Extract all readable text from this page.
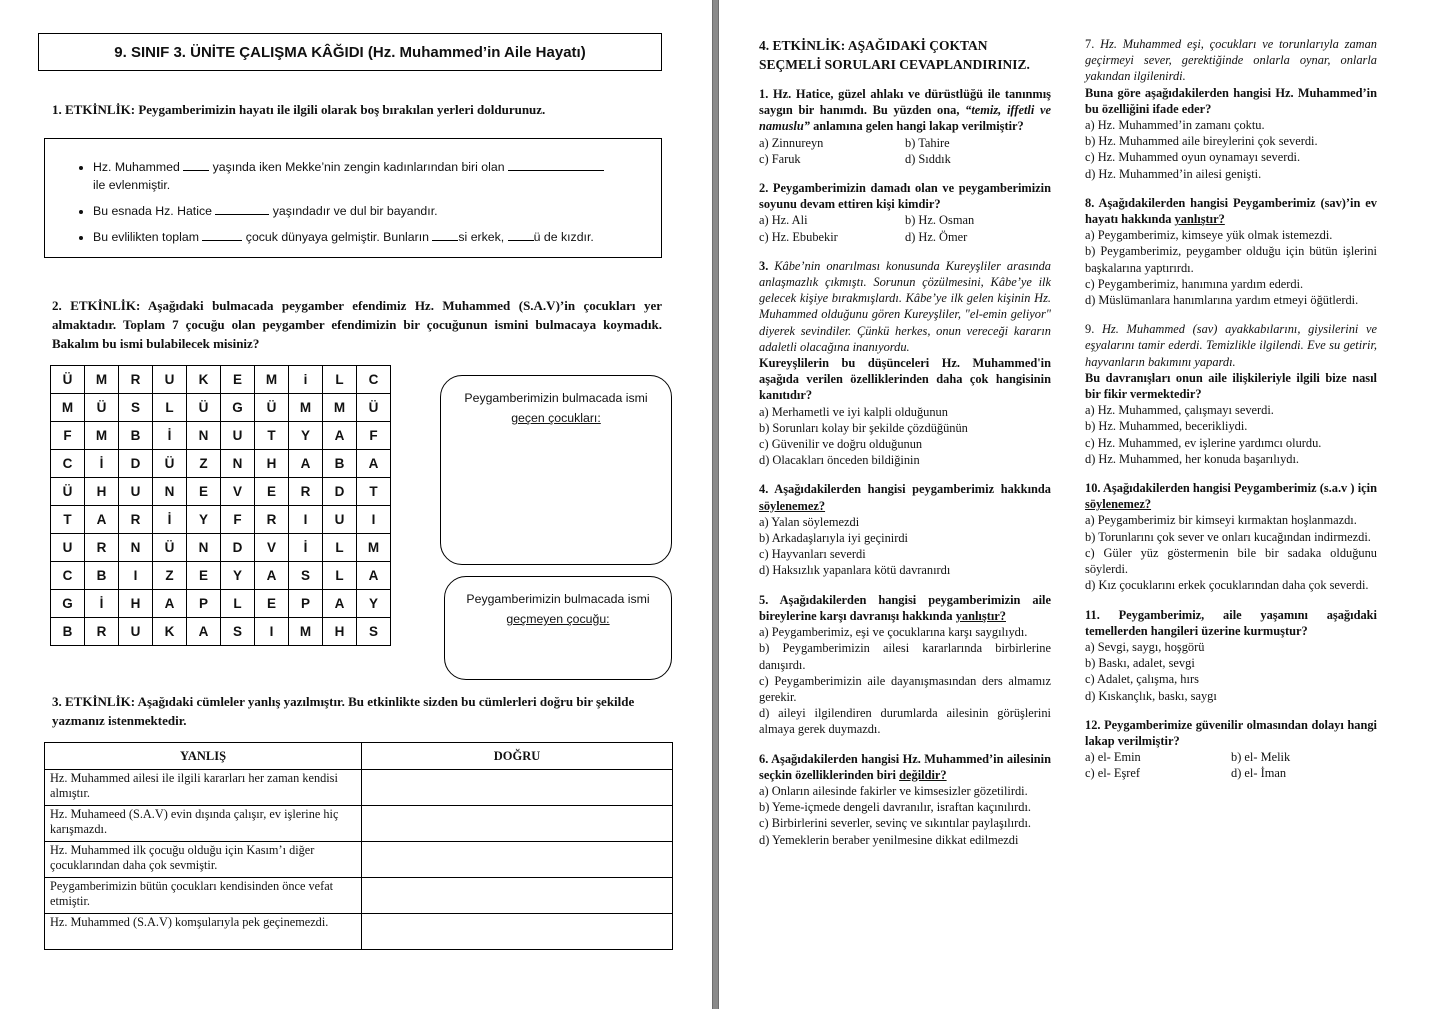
9. SINIF 3. ÜNİTE ÇALIŞMA KÂĞIDI (Hz. Muhammed’in Aile Hayatı)
1. ETKİNLİK: Peygamberimizin hayatı ile ilgili olarak boş bırakılan yerleri doldurunuz.
• Hz. Muhammed	yaşında iken Mekke’nin zengin kadınlarından biri olan
ile evlenmiştir.
• Bu esnada Hz. Hatice	yaşındadır ve dul bir bayandır.
• Bu evlilikten toplam	çocuk dünyaya gelmiştir. Bunların si erkek, ü de kızdır.
2. ETKİNLİK: Aşağıdaki bulmacada peygamber efendimiz Hz. Muhammed (S.A.V)’in çocukları yer almaktadır. Toplam 7 çocuğu olan peygamber efendimizin bir çocuğunun ismini bulmacaya koymadık. Bakalım bu ismi bulabilecek misiniz?
Ü	M	R	U	K	E	M	i	L	C
M	Ü	S	L	Ü	G	Ü	M	M	Ü
F	M	B	İ	N	U	T	Y	A	F
C	İ	D	Ü	Z	N	H	A	B	A
Ü	H	U	N	E	V	E	R	D	T
T	A	R	İ	Y	F	R	I	U	I
U	R	N	Ü	N	D	V	İ	L	M
C	B	I	Z	E	Y	A	S	L	A
G	İ	H	A	P	L	E	P	A	Y
B	R	U	K	A	S	I	M	H	S
Peygamberimizin bulmacada ismi
geçen çocukları:
Peygamberimizin bulmacada ismi
geçmeyen çocuğu:
3. ETKİNLİK: Aşağıdaki cümleler yanlış yazılmıştır. Bu etkinlikte sizden bu cümlerleri doğru bir şekilde yazmanız istenmektedir.
YANLIŞ	DOĞRU
Hz. Muhammed ailesi ile ilgili kararları her zaman kendisi almıştır.	
Hz. Muhameed (S.A.V) evin dışında çalışır, ev işlerine hiç karışmazdı.	
Hz. Muhammed ilk çocuğu olduğu için Kasım’ı diğer çocuklarından daha çok sevmiştir.	
Peygamberimizin bütün çocukları kendisinden önce vefat etmiştir.	
Hz. Muhammed (S.A.V) komşularıyla pek geçinemezdi.	
4. ETKİNLİK: AŞAĞIDAKİ ÇOKTAN SEÇMELİ SORULARI CEVAPLANDIRINIZ.
1. Hz. Hatice, güzel ahlakı ve dürüstlüğü ile tanınmış saygın bir hanımdı. Bu yüzden ona, “temiz, iffetli ve namuslu” anlamına gelen hangi lakap verilmiştir?
a) Zinnureyn	b) Tahire
c) Faruk	d) Sıddık
2. Peygamberimizin damadı olan ve peygamberimizin soyunu devam ettiren kişi kimdir?
a) Hz. Ali	b) Hz. Osman
c) Hz. Ebubekir	d) Hz. Ömer
3. Kâbe’nin onarılması konusunda Kureyşliler arasında anlaşmazlık çıkmıştı. Sorunun çözülmesini, Kâbe’ye ilk gelecek kişiye bırakmışlardı. Kâbe’ye ilk gelen kişinin Hz. Muhammed olduğunu gören Kureyşliler, "el-emin geliyor" diyerek sevindiler. Çünkü herkes, onun vereceği kararın adaletli olacağına inanıyordu.
Kureyşlilerin bu düşünceleri Hz. Muhammed'in aşağıda verilen özelliklerinden daha çok hangisinin kanıtıdır?
a) Merhametli ve iyi kalpli olduğunun
b) Sorunları kolay bir şekilde çözdüğünün
c) Güvenilir ve doğru olduğunun
d) Olacakları önceden bildiğinin
4. Aşağıdakilerden hangisi peygamberimiz hakkında söylenemez?
a) Yalan söylemezdi
b) Arkadaşlarıyla iyi geçinirdi
c) Hayvanları severdi
d) Haksızlık yapanlara kötü davranırdı
5. Aşağıdakilerden hangisi peygamberimizin aile bireylerine karşı davranışı hakkında yanlıştır?
a) Peygamberimiz, eşi ve çocuklarına karşı saygılıydı.
b) Peygamberimizin ailesi kararlarında birbirlerine danışırdı.
c) Peygamberimizin aile dayanışmasından ders almamız gerekir.
d) aileyi ilgilendiren durumlarda ailesinin görüşlerini almaya gerek duymazdı.
6. Aşağıdakilerden hangisi Hz. Muhammed’in ailesinin seçkin özelliklerinden biri değildir?
a) Onların ailesinde fakirler ve kimsesizler gözetilirdi.
b) Yeme-içmede dengeli davranılır, israftan kaçınılırdı.
c) Birbirlerini severler, sevinç ve sıkıntılar paylaşılırdı.
d) Yemeklerin beraber yenilmesine dikkat edilmezdi
7. Hz. Muhammed eşi, çocukları ve torunlarıyla zaman geçirmeyi sever, gerektiğinde onlarla oynar, onlarla yakından ilgilenirdi.
Buna göre aşağıdakilerden hangisi Hz. Muhammed’in bu özelliğini ifade eder?
a) Hz. Muhammed’in zamanı çoktu.
b) Hz. Muhammed aile bireylerini çok severdi.
c) Hz. Muhammed oyun oynamayı severdi.
d) Hz. Muhammed’in ailesi genişti.
8. Aşağıdakilerden hangisi Peygamberimiz (sav)’in ev hayatı hakkında yanlıştır?
a) Peygamberimiz, kimseye yük olmak istemezdi.
b) Peygamberimiz, peygamber olduğu için bütün işlerini başkalarına yaptırırdı.
c) Peygamberimiz, hanımına yardım ederdi.
d) Müslümanlara hanımlarına yardım etmeyi öğütlerdi.
9. Hz. Muhammed (sav) ayakkabılarını, giysilerini ve eşyalarını tamir ederdi. Temizlikle ilgilendi. Eve su getirir, hayvanların bakımını yapardı.
Bu davranışları onun aile ilişkileriyle ilgili bize nasıl bir fikir vermektedir?
a) Hz. Muhammed, çalışmayı severdi.
b) Hz. Muhammed, becerikliydi.
c) Hz. Muhammed, ev işlerine yardımcı olurdu.
d) Hz. Muhammed, her konuda başarılıydı.
10. Aşağıdakilerden hangisi Peygamberimiz (s.a.v ) için söylenemez?
a) Peygamberimiz bir kimseyi kırmaktan hoşlanmazdı.
b) Torunlarını çok sever ve onları kucağından indirmezdi.
c) Güler yüz göstermenin bile bir sadaka olduğunu söylerdi.
d) Kız çocuklarını erkek çocuklarından daha çok severdi.
11. Peygamberimiz, aile yaşamını aşağıdaki temellerden hangileri üzerine kurmuştur?
a) Sevgi, saygı, hoşgörü
b) Baskı, adalet, sevgi
c) Adalet, çalışma, hırs
d) Kıskançlık, baskı, saygı
12. Peygamberimize güvenilir olmasından dolayı hangi lakap verilmiştir?
a) el- Emin	b) el- Melik
c) el- Eşref	d) el- İman
